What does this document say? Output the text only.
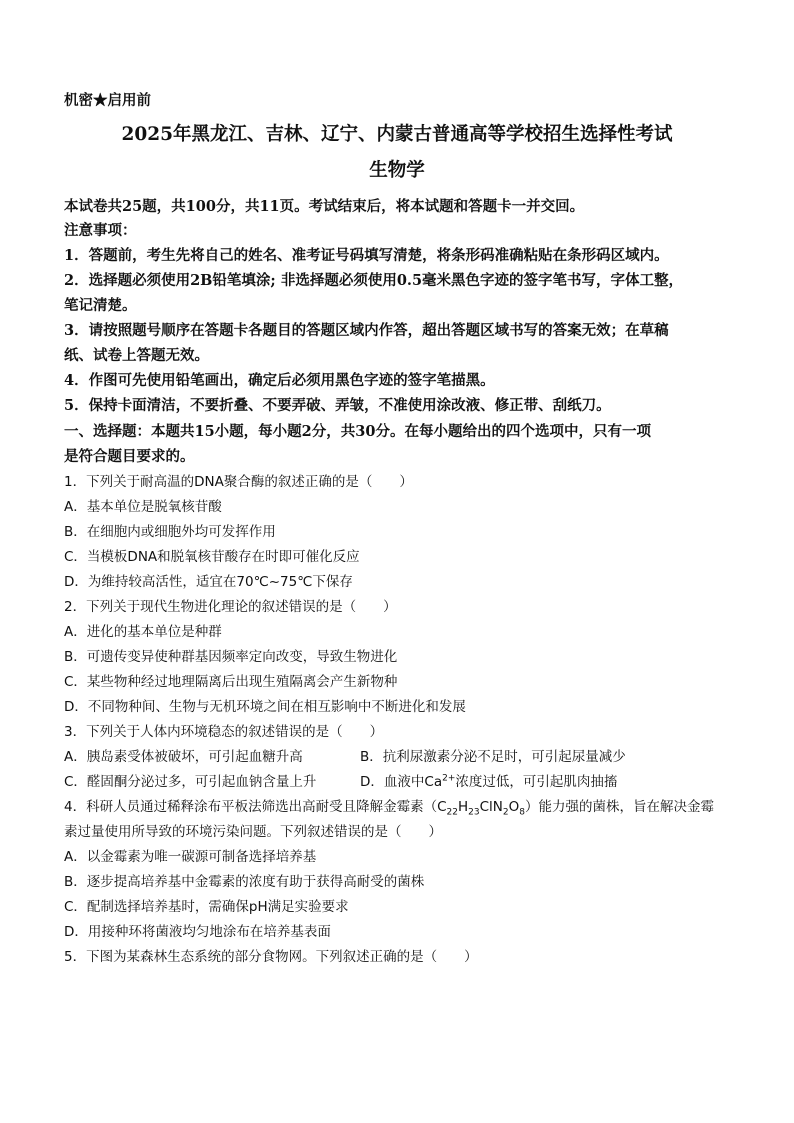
机密★启用前
2025年黑龙江、吉林、辽宁、内蒙古普通高等学校招生选择性考试
生物学
本试卷共25题，共100分，共11页。考试结束后，将本试题和答题卡一并交回。
注意事项：
1．答题前，考生先将自己的姓名、准考证号码填写清楚，将条形码准确粘贴在条形码区域内。
2．选择题必须使用2B铅笔填涂; 非选择题必须使用0.5毫米黑色字迹的签字笔书写，字体工整，
笔记清楚。
3．请按照题号顺序在答题卡各题目的答题区域内作答，超出答题区域书写的答案无效；在草稿
纸、试卷上答题无效。
4．作图可先使用铅笔画出，确定后必须用黑色字迹的签字笔描黑。
5．保持卡面清洁，不要折叠、不要弄破、弄皱，不准使用涂改液、修正带、刮纸刀。
一、选择题：本题共15小题，每小题2分，共30分。在每小题给出的四个选项中，只有一项
是符合题目要求的。
1．下列关于耐高温的DNA聚合酶的叙述正确的是（　　）
A．基本单位是脱氧核苷酸
B．在细胞内或细胞外均可发挥作用
C．当模板DNA和脱氧核苷酸存在时即可催化反应
D．为维持较高活性，适宜在70℃~75℃下保存
2．下列关于现代生物进化理论的叙述错误的是（　　）
A．进化的基本单位是种群
B．可遗传变异使种群基因频率定向改变，导致生物进化
C．某些物种经过地理隔离后出现生殖隔离会产生新物种
D．不同物种间、生物与无机环境之间在相互影响中不断进化和发展
3．下列关于人体内环境稳态的叙述错误的是（　　）
A．胰岛素受体被破坏，可引起血糖升高	B．抗利尿激素分泌不足时，可引起尿量减少
C．醛固酮分泌过多，可引起血钠含量上升	D．血液中$Ca^{2+}$浓度过低，可引起肌肉抽搐
4．科研人员通过稀释涂布平板法筛选出高耐受且降解金霉素$(C_{22}H_{23}ClN_2O_8)$能力强的菌株，旨在解决金霉
素过量使用所导致的环境污染问题。下列叙述错误的是（　　）
A．以金霉素为唯一碳源可制备选择培养基
B．逐步提高培养基中金霉素的浓度有助于获得高耐受的菌株
C．配制选择培养基时，需确保pH满足实验要求
D．用接种环将菌液均匀地涂布在培养基表面
5．下图为某森林生态系统的部分食物网。下列叙述正确的是（　　）
